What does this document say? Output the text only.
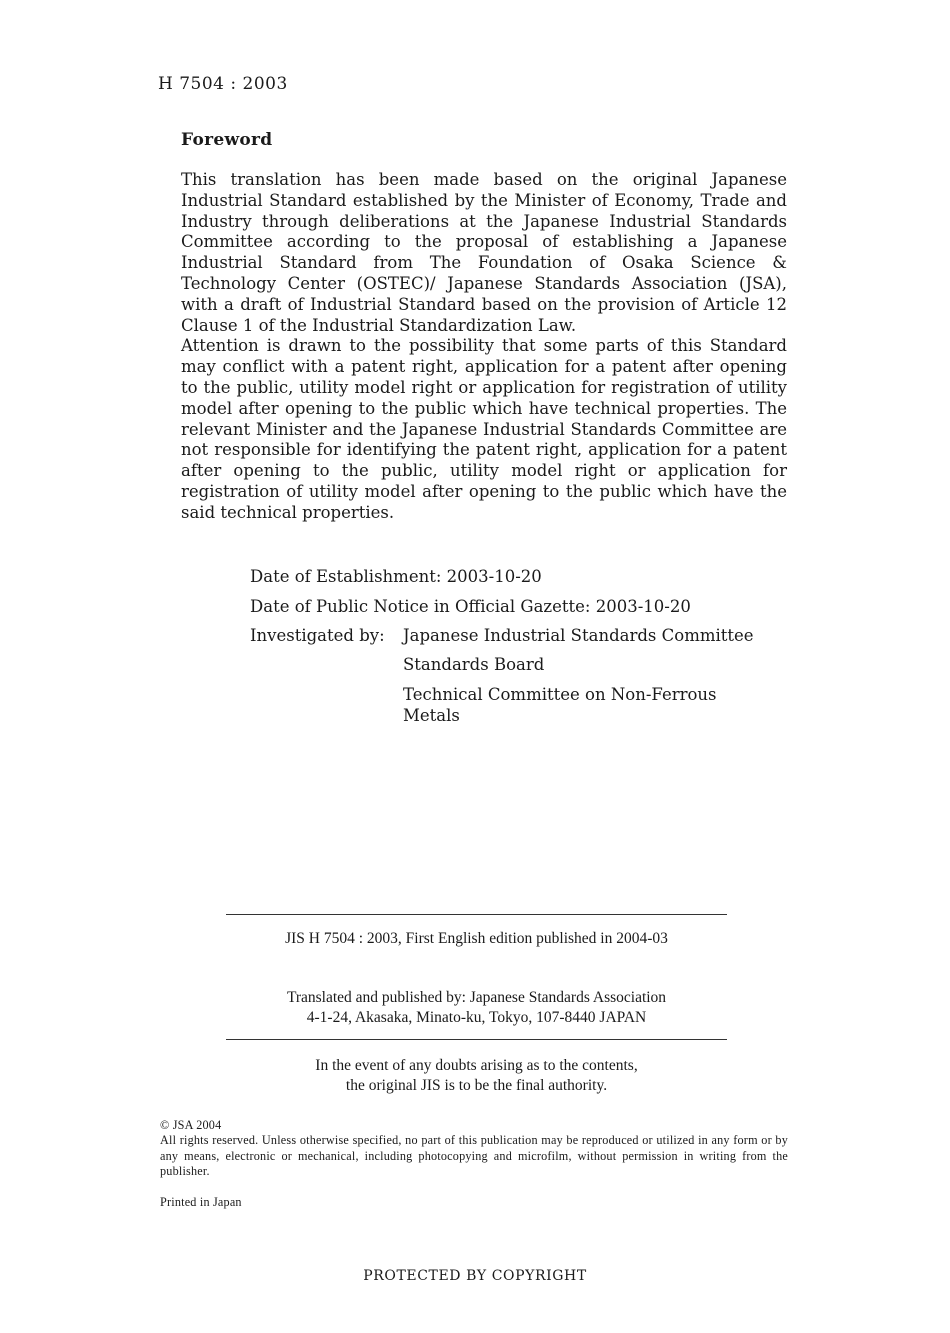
H 7504 : 2003
Foreword

This translation has been made based on the original Japanese Industrial Standard established by the Minister of Economy, Trade and Industry through deliberations at the Japanese Industrial Standards Committee according to the proposal of establishing a Japanese Industrial Standard from The Foundation of Osaka Science & Technology Center (OSTEC)/ Japanese Standards Association (JSA), with a draft of Industrial Standard based on the provision of Article 12 Clause 1 of the Industrial Standardization Law.

Attention is drawn to the possibility that some parts of this Standard may conflict with a patent right, application for a patent after opening to the public, utility model right or application for registration of utility model after opening to the public which have technical properties. The relevant Minister and the Japanese Industrial Standards Committee are not responsible for identifying the patent right, application for a patent after opening to the public, utility model right or application for registration of utility model after opening to the public which have the said technical properties.

Date of Establishment: 2003-10-20
Date of Public Notice in Official Gazette: 2003-10-20
Investigated by: Japanese Industrial Standards Committee
Standards Board
Technical Committee on Non-Ferrous Metals
JIS H 7504 : 2003, First English edition published in 2004-03
Translated and published by: Japanese Standards Association
4-1-24, Akasaka, Minato-ku, Tokyo, 107-8440 JAPAN
In the event of any doubts arising as to the contents,
the original JIS is to be the final authority.
© JSA 2004
All rights reserved. Unless otherwise specified, no part of this publication may be reproduced or utilized in any form or by any means, electronic or mechanical, including photocopying and microfilm, without permission in writing from the publisher.
Printed in Japan
PROTECTED BY COPYRIGHT
